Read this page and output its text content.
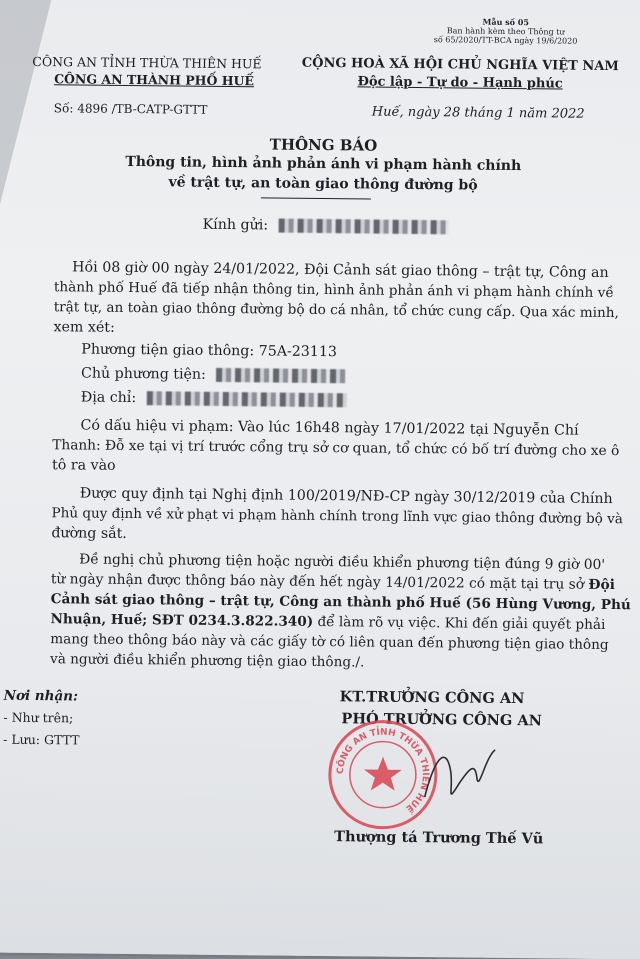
Mẫu số 05
Ban hành kèm theo Thông tư
số 65/2020/TT-BCA ngày 19/6/2020
CÔNG AN TỈNH THỪA THIÊN HUẾ
CÔNG AN THÀNH PHỐ HUẾ
Số: 4896 /TB-CATP-GTTT
CỘNG HOÀ XÃ HỘI CHỦ NGHĨA VIỆT NAM
Độc lập - Tự do - Hạnh phúc
Huế, ngày 28 tháng 1 năm 2022
THÔNG BÁO
Thông tin, hình ảnh phản ánh vi phạm hành chính
về trật tự, an toàn giao thông đường bộ
Kính gửi:
Hồi 08 giờ 00 ngày 24/01/2022, Đội Cảnh sát giao thông – trật tự, Công an
thành phố Huế đã tiếp nhận thông tin, hình ảnh phản ánh vi phạm hành chính về
trật tự, an toàn giao thông đường bộ do cá nhân, tổ chức cung cấp. Qua xác minh,
xem xét:
Phương tiện giao thông: 75A-23113
Chủ phương tiện:
Địa chỉ:
Có dấu hiệu vi phạm: Vào lúc 16h48 ngày 17/01/2022 tại Nguyễn Chí
Thanh: Đỗ xe tại vị trí trước cổng trụ sở cơ quan, tổ chức có bố trí đường cho xe ô
tô ra vào
Được quy định tại Nghị định 100/2019/NĐ-CP ngày 30/12/2019 của Chính
Phủ quy định về xử phạt vi phạm hành chính trong lĩnh vực giao thông đường bộ và
đường sắt.
Đề nghị chủ phương tiện hoặc người điều khiển phương tiện đúng 9 giờ 00'
từ ngày nhận được thông báo này đến hết ngày 14/01/2022 có mặt tại trụ sở Đội
Cảnh sát giao thông – trật tự, Công an thành phố Huế (56 Hùng Vương, Phú
Nhuận, Huế; SĐT 0234.3.822.340) để làm rõ vụ việc. Khi đến giải quyết phải
mang theo thông báo này và các giấy tờ có liên quan đến phương tiện giao thông
và người điều khiển phương tiện giao thông./.
Nơi nhận:
- Như trên;
- Lưu: GTTT
KT.TRƯỞNG CÔNG AN
PHÓ TRƯỞNG CÔNG AN
CÔNG AN TỈNH THỪA THIÊN HUẾ
Thượng tá Trương Thế Vũ
